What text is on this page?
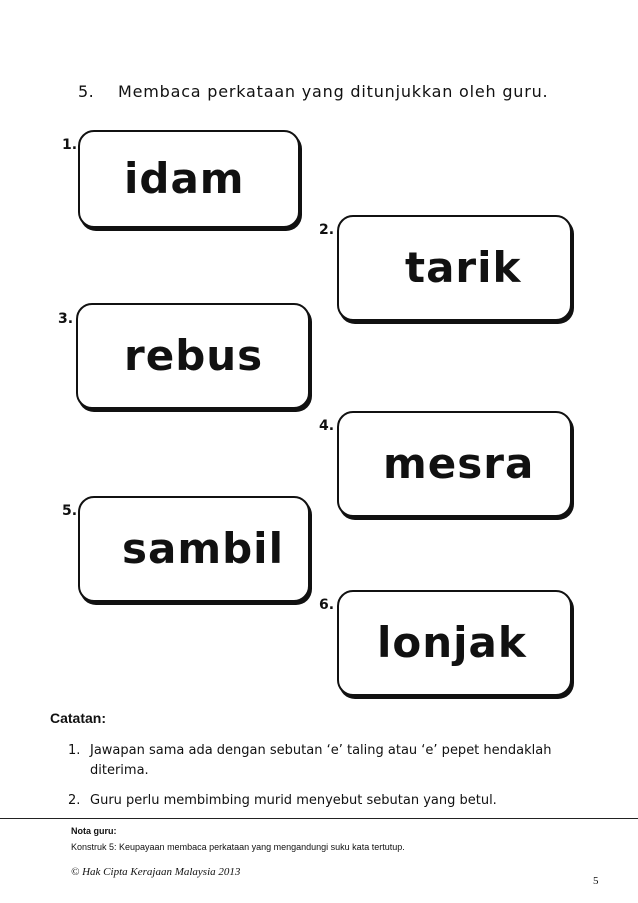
5. Membaca perkataan yang ditunjukkan oleh guru.
1.
idam
2.
tarik
3.
rebus
4.
mesra
5.
sambil
6.
lonjak
Catatan:
1. Jawapan sama ada dengan sebutan ‘e’ taling atau ‘e’ pepet hendaklah
diterima.
2. Guru perlu membimbing murid menyebut sebutan yang betul.
Nota guru:
Konstruk 5: Keupayaan membaca perkataan yang mengandungi suku kata tertutup.
© Hak Cipta Kerajaan Malaysia 2013
5
